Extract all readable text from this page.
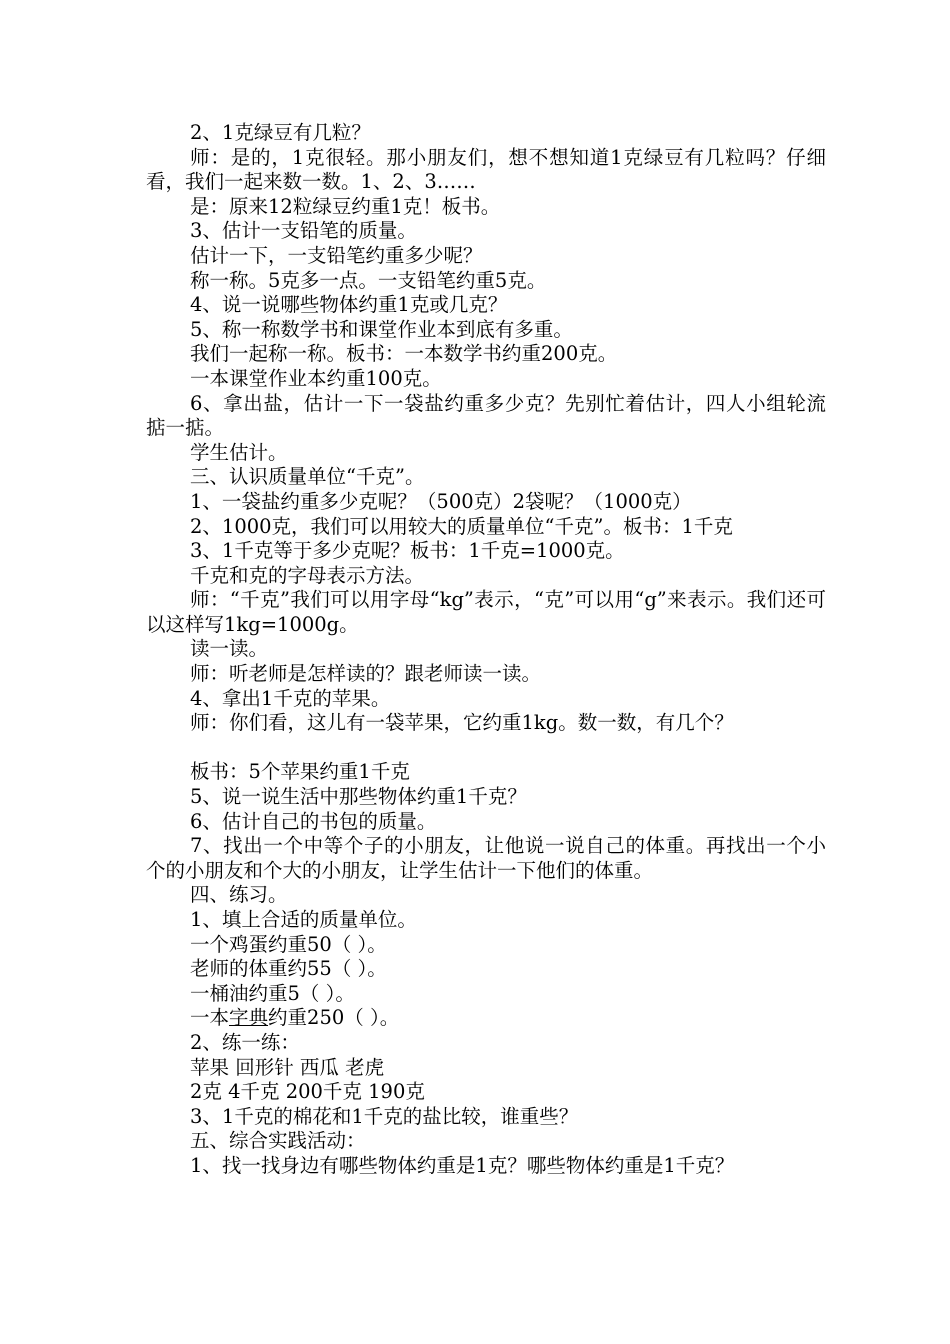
2、1克绿豆有几粒？

师：是的，1克很轻。那小朋友们，想不想知道1克绿豆有几粒吗？仔细看，我们一起来数一数。1、2、3……

是：原来12粒绿豆约重1克！板书。

3、估计一支铅笔的质量。

估计一下，一支铅笔约重多少呢？

称一称。5克多一点。一支铅笔约重5克。

4、说一说哪些物体约重1克或几克？

5、称一称数学书和课堂作业本到底有多重。

我们一起称一称。板书：一本数学书约重200克。

一本课堂作业本约重100克。

6、拿出盐，估计一下一袋盐约重多少克？先别忙着估计，四人小组轮流掂一掂。

学生估计。

三、认识质量单位“千克”。

1、一袋盐约重多少克呢？（500克）2袋呢？（1000克）

2、1000克，我们可以用较大的质量单位“千克”。板书：1千克

3、1千克等于多少克呢？板书：1千克=1000克。

千克和克的字母表示方法。

师：“千克”我们可以用字母“kg”表示，“克”可以用“g”来表示。我们还可以这样写1kg=1000g。

读一读。

师：听老师是怎样读的？跟老师读一读。

4、拿出1千克的苹果。

师：你们看，这儿有一袋苹果，它约重1kg。数一数，有几个？

板书：5个苹果约重1千克

5、说一说生活中那些物体约重1千克？

6、估计自己的书包的质量。

7、找出一个中等个子的小朋友，让他说一说自己的体重。再找出一个小个的小朋友和个大的小朋友，让学生估计一下他们的体重。

四、练习。

1、填上合适的质量单位。

一个鸡蛋约重50（ ）。

老师的体重约55（ ）。

一桶油约重5（ ）。

一本字典约重250（ ）。

2、练一练：

苹果 回形针 西瓜 老虎

2克 4千克 200千克 190克

3、1千克的棉花和1千克的盐比较，谁重些？

五、综合实践活动：

1、找一找身边有哪些物体约重是1克？哪些物体约重是1千克？
